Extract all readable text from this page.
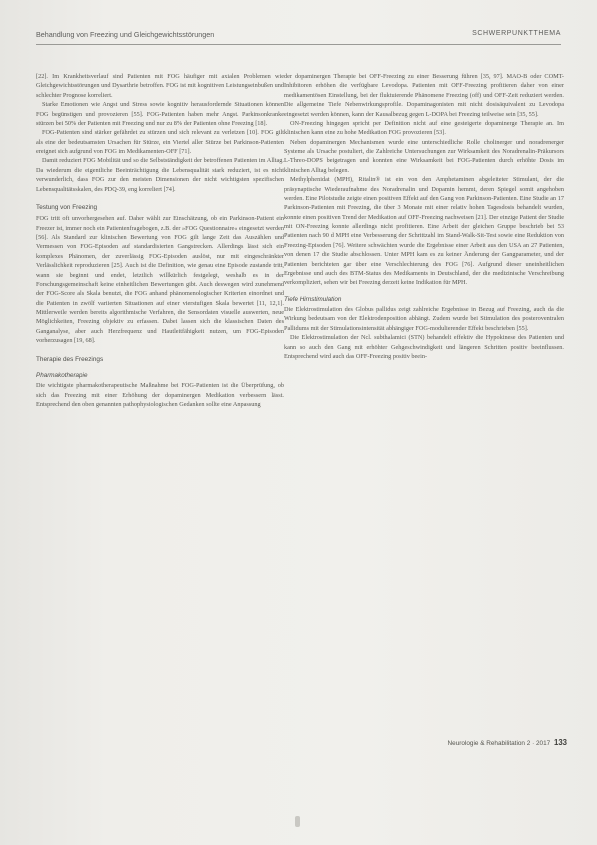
Behandlung von Freezing und Gleichgewichtsstörungen	SCHWERPUNKTTHEMA

[22]. Im Krankheitsverlauf sind Patienten mit FOG häufiger mit axialen Problemen wie Gleichgewichtsstörungen und Dysarthrie betroffen. FOG ist mit kognitiven Leistungseinbußen und schlechter Prognose korreliert.

Starke Emotionen wie Angst und Stress sowie kognitiv herausfordernde Situationen können FOG begünstigen und provozieren [55]. FOG-Patienten haben mehr Angst. Parkinsonkranke stürzen bei 50% der Patienten mit Freezing und nur zu 8% der Patienten ohne Freezing [18].

FOG-Patienten sind stärker gefährdet zu stürzen und sich relevant zu verletzen [10]. FOG gilt als eine der bedeutsamsten Ursachen für Stürze, ein Viertel aller Stürze bei Parkinson-Patienten ereignet sich aufgrund von FOG im Medikamenten-OFF [71].

Damit reduziert FOG Mobilität und so die Selbstständigkeit der betroffenen Patienten im Alltag. Da wiederum die eigentliche Beeinträchtigung die Lebensqualität stark reduziert, ist es nicht verwunderlich, dass FOG zur den meisten Dimensionen der nicht wichtigsten spezifischen Lebensqualitätsskalen, des PDQ-39, eng korreliert [74].

Testung von Freezing

FOG tritt oft unvorhergesehen auf. Daher wählt zur Einschätzung, ob ein Parkinson-Patient ein Freezer ist, immer noch ein Patientenfragebogen, z.B. der »FOG Questionnaire« eingesetzt werden [56]. Als Standard zur klinischen Bewertung von FOG gilt lange Zeit das Auszählen und Vermessen von FOG-Episoden auf standardisierten Gangstrecken. Allerdings lässt sich ein komplexes Phänomen, der zuverlässig FOG-Episoden auslöst, nur mit eingeschränkter Verlässlichkeit reproduzieren [25]. Auch ist die Definition, wie genau eine Episode zustande tritt, wann sie beginnt und endet, letztlich willkürlich festgelegt, weshalb es in der Forschungsgemeinschaft keine einheitlichen Bewertungen gibt. Auch deswegen wird zunehmend der FOG-Score als Skala benutzt, die FOG anhand phänomenologischer Kriterien einordnet und die Patienten in zwölf variierten Situationen auf einer vierstufigen Skala bewertet [11, 12,1]. Mittlerweile werden bereits algorithmische Verfahren, die Sensordaten visuelle auswerten, neue Möglichkeiten, Freezing objektiv zu erfassen. Dabei lassen sich die klassischen Daten des Ganganalyse, aber auch Herzfrequenz und Hautleitfähigkeit nutzen, um FOG-Episoden vorherzusagen [19, 68].

Therapie des Freezings
Pharmakotherapie

Die wichtigste pharmakotherapeutische Maßnahme bei FOG-Patienten ist die Überprüfung, ob sich das Freezing mit einer Erhöhung der dopaminergen Medikation verbessern lässt. Entsprechend den oben genannten pathophysiologischen Gedanken sollte eine Anpassung

der dopaminergen Therapie bei OFF-Freezing zu einer Besserung führen [35, 97]. MAO-B oder COMT-Inhibitoren erhöhen die verfügbare Levodopa. Patienten mit OFF-Freezing profitieren daher von einer medikamentösen Einstellung, bei der fluktuierende Phänomene Freezing (off) und OFF-Zeit reduziert werden. Die allgemeine Tiefe Nebenwirkungsprofile. Dopaminagonisten mit nicht dosisäquivalent zu Levodopa eingesetzt werden können, kann der Kausalbezug gegen L-DOPA bei Freezing teilweise sein [35, 55].

ON-Freezing hingegen spricht per Definition nicht auf eine gesteigerte dopaminerge Therapie an. Im klinischen kann eine zu hohe Medikation FOG provozieren [53].

Neben dopaminergen Mechanismen wurde eine unterschiedliche Rolle cholinerger und noradrenerger Systeme als Ursache postuliert, die Zahlreiche Untersuchungen zur Wirksamkeit des Noradrenalin-Präkursors L-Threo-DOPS beigetragen und konnten eine Wirksamkeit bei FOG-Patienten durch erhöhte Dosis im klinischen Alltag belegen.

Methylphenidat (MPH), Ritalin® ist ein von den Amphetaminen abgeleiteter Stimulant, der die präsynaptische Wiederaufnahme des Noradrenalin und Dopamin hemmt, deren Spiegel somit angehoben werden. Eine Pilotstudie zeigte einen positiven Effekt auf den Gang von Parkinson-Patienten. Eine Studie an 17 Parkinson-Patienten mit Freezing, die über 3 Monate mit einer relativ hohen Tagesdosis behandelt wurden, konnte einen positiven Trend der Medikation auf OFF-Freezing nachweisen [21]. Der einzige Patient der Studie mit ON-Freezing konnte allerdings nicht profitieren. Eine Arbeit der gleichen Gruppe beschrieb bei 53 Patienten nach 90 d MPH eine Verbesserung der Schrittzahl im Stand-Walk-Sit-Test sowie eine Reduktion von Freezing-Episoden [76]. Weitere schwächten wurde die Ergebnisse einer Arbeit aus den USA an 27 Patienten, von denen 17 die Studie abschlossen. Unter MPH kam es zu keiner Änderung der Gangparameter, und der Patienten berichteten gar über eine Verschlechterung des FOG [76]. Aufgrund dieser uneinheitlichen Ergebnisse und auch des BTM-Status des Medikaments in Deutschland, der die medizinische Verschreibung verkompliziert, sehen wir bei Freezing derzeit keine Indikation für MPH.

Tiefe Hirnstimulation

Die Elektrostimulation des Globus pallidus zeigt zahlreiche Ergebnisse in Bezug auf Freezing, auch da die Wirkung bedeutsam von der Elektrodenposition abhängt. Zudem wurde bei Stimulation des posteroventralen Pallidums mit der Stimulationsintensität abhängiger FOG-modulierender Effekt beschrieben [55].

Die Elektrostimulation der Ncl. subthalamici (STN) behandelt effektiv die Hypokinese des Patienten und kann so auch den Gang mit erhöhter Gehgeschwindigkeit und längeren Schritten positiv beeinflussen. Entsprechend wird auch das OFF-Freezing positiv beein-

Neurologie & Rehabilitation 2 · 2017 133
